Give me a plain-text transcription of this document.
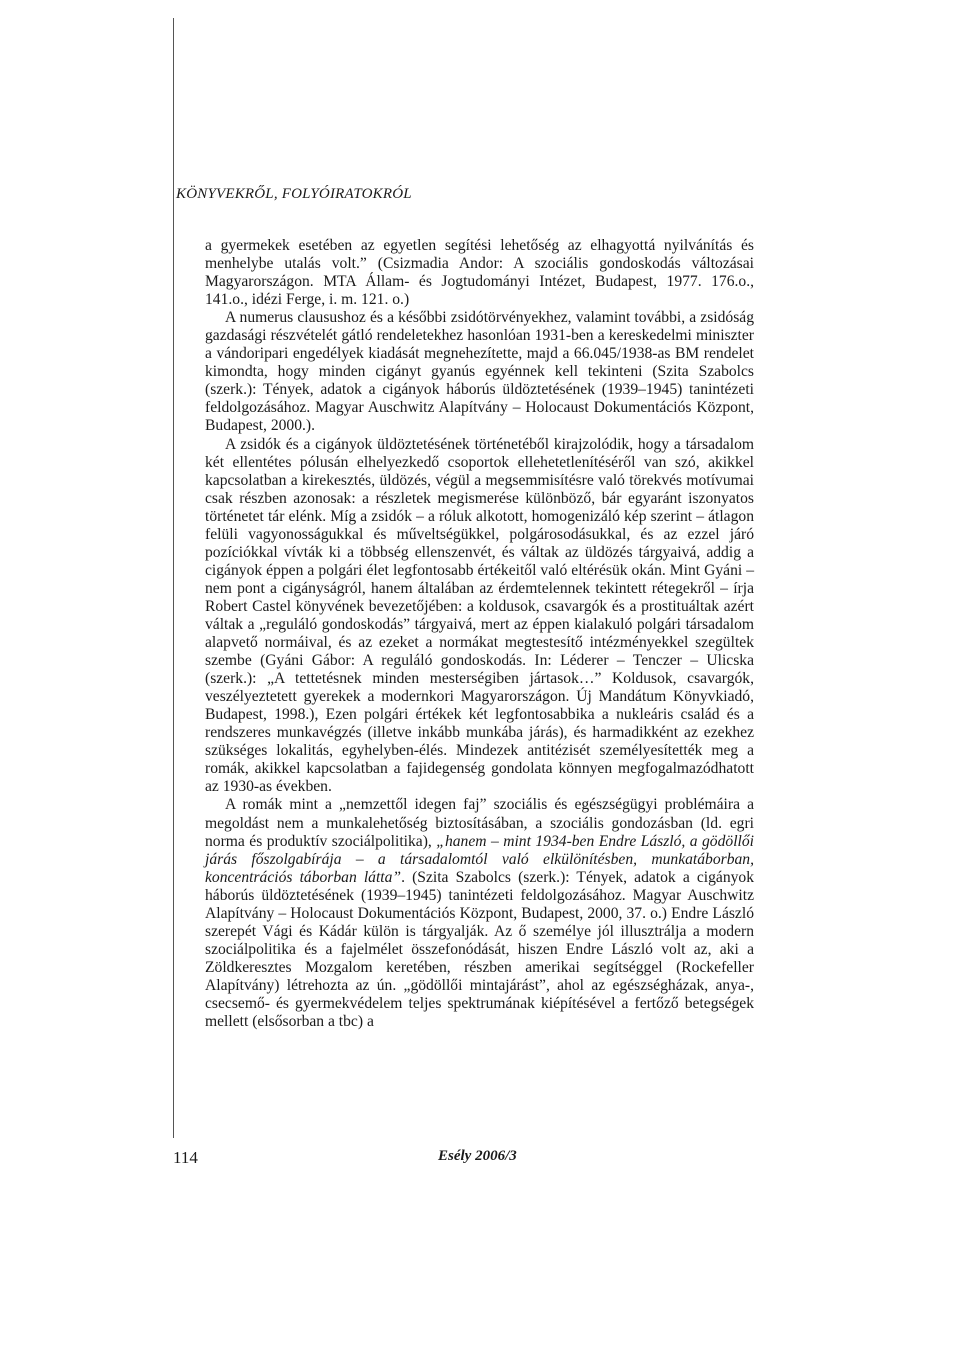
KÖNYVEKRŐL, FOLYÓIRATOKRÓL

a gyermekek esetében az egyetlen segítési lehetőség az elhagyottá nyilvánítás és menhelybe utalás volt.” (Csizmadia Andor: A szociális gondoskodás változásai Magyarországon. MTA Állam- és Jogtudományi Intézet, Budapest, 1977. 176.o., 141.o., idézi Ferge, i. m. 121. o.)

A numerus clausushoz és a későbbi zsidótörvényekhez, valamint további, a zsidóság gazdasági részvételét gátló rendeletekhez hasonlóan 1931-ben a kereskedelmi miniszter a vándoripari engedélyek kiadását megnehezítette, majd a 66.045/1938-as BM rendelet kimondta, hogy minden cigányt gyanús egyénnek kell tekinteni (Szita Szabolcs (szerk.): Tények, adatok a cigányok háborús üldöztetésének (1939–1945) tanintézeti feldolgozásához. Magyar Auschwitz Alapítvány – Holocaust Dokumentációs Központ, Budapest, 2000.).

A zsidók és a cigányok üldöztetésének történetéből kirajzolódik, hogy a társadalom két ellentétes pólusán elhelyezkedő csoportok ellehetetlenítéséről van szó, akikkel kapcsolatban a kirekesztés, üldözés, végül a megsemmisítésre való törekvés motívumai csak részben azonosak: a részletek megismerése különböző, bár egyaránt iszonyatos történetet tár elénk. Míg a zsidók – a róluk alkotott, homogenizáló kép szerint – átlagon felüli vagyonosságukkal és műveltségükkel, polgárosodásukkal, és az ezzel járó pozíciókkal vívták ki a többség ellenszenvét, és váltak az üldözés tárgyaivá, addig a cigányok éppen a polgári élet legfontosabb értékeitől való eltérésük okán. Mint Gyáni – nem pont a cigányságról, hanem általában az érdemtelennek tekintett rétegekről – írja Robert Castel könyvének bevezetőjében: a koldusok, csavargók és a prostituáltak azért váltak a „reguláló gondoskodás” tárgyaivá, mert az éppen kialakuló polgári társadalom alapvető normáival, és az ezeket a normákat megtestesítő intézményekkel szegültek szembe (Gyáni Gábor: A reguláló gondoskodás. In: Léderer – Tenczer – Ulicska (szerk.): „A tettetésnek minden mesterségiben jártasok…” Koldusok, csavargók, veszélyeztetett gyerekek a modernkori Magyarországon. Új Mandátum Könyvkiadó, Budapest, 1998.), Ezen polgári értékek két legfontosabbika a nukleáris család és a rendszeres munkavégzés (illetve inkább munkába járás), és harmadikként az ezekhez szükséges lokalitás, egyhelyben-élés. Mindezek antitézisét személyesítették meg a romák, akikkel kapcsolatban a fajidegenség gondolata könnyen megfogalmazódhatott az 1930-as években.

A romák mint a „nemzettől idegen faj” szociális és egészségügyi problémáira a megoldást nem a munkalehetőség biztosításában, a szociális gondozásban (ld. egri norma és produktív szociálpolitika), „hanem – mint 1934-ben Endre László, a gödöllői járás főszolgabírája – a társadalomtól való elkülönítésben, munkatáborban, koncentrációs táborban látta”. (Szita Szabolcs (szerk.): Tények, adatok a cigányok háborús üldöztetésének (1939–1945) tanintézeti feldolgozásához. Magyar Auschwitz Alapítvány – Holocaust Dokumentációs Központ, Budapest, 2000, 37. o.) Endre László szerepét Vági és Kádár külön is tárgyalják. Az ő személye jól illusztrálja a modern szociálpolitika és a fajelmélet összefonódását, hiszen Endre László volt az, aki a Zöldkeresztes Mozgalom keretében, részben amerikai segítséggel (Rockefeller Alapítvány) létrehozta az ún. „gödöllői mintajárást”, ahol az egészségházak, anya-, csecsemő- és gyermekvédelem teljes spektrumának kiépítésével a fertőző betegségek mellett (elsősorban a tbc) a

114	Esély 2006/3
